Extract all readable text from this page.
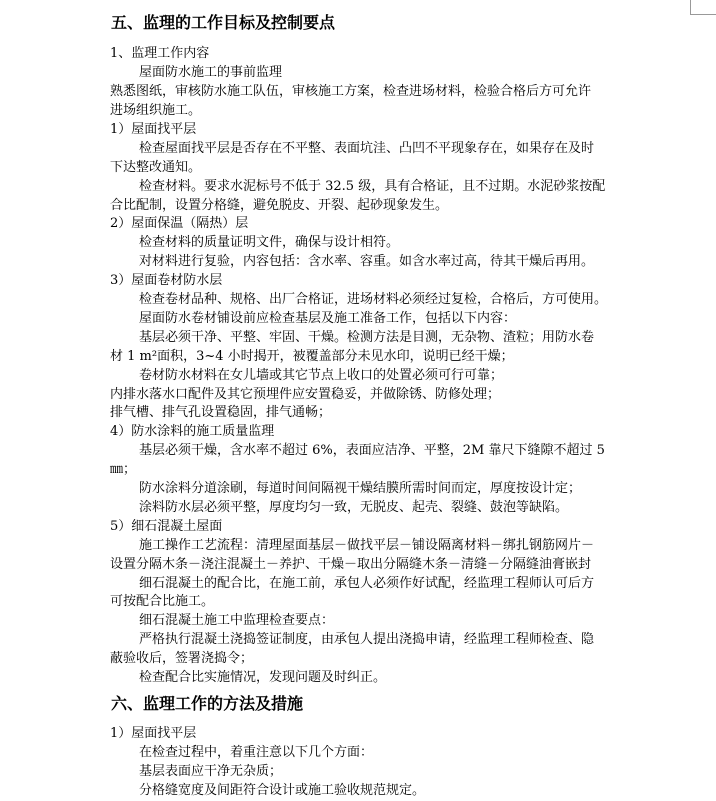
五、监理的工作目标及控制要点
1、监理工作内容
屋面防水施工的事前监理
熟悉图纸，审核防水施工队伍，审核施工方案，检查进场材料，检验合格后方可允许
进场组织施工。
1）屋面找平层
检查屋面找平层是否存在不平整、表面坑洼、凸凹不平现象存在，如果存在及时
下达整改通知。
检查材料。要求水泥标号不低于 32.5 级，具有合格证，且不过期。水泥砂浆按配
合比配制，设置分格缝，避免脱皮、开裂、起砂现象发生。
2）屋面保温（隔热）层
检查材料的质量证明文件，确保与设计相符。
对材料进行复验，内容包括：含水率、容重。如含水率过高，待其干燥后再用。
3）屋面卷材防水层
检查卷材品种、规格、出厂合格证，进场材料必须经过复检，合格后，方可使用。
屋面防水卷材铺设前应检查基层及施工准备工作，包括以下内容：
基层必须干净、平整、牢固、干燥。检测方法是目测，无杂物、渣粒；用防水卷
材 1 m²面积，3~4 小时揭开，被覆盖部分未见水印，说明已经干燥；
卷材防水材料在女儿墙或其它节点上收口的处置必须可行可靠；
内排水落水口配件及其它预埋件应安置稳妥，并做除锈、防修处理；
排气槽、排气孔设置稳固，排气通畅；
4）防水涂料的施工质量监理
基层必须干燥，含水率不超过 6%，表面应洁净、平整，2M 靠尺下缝隙不超过 5
㎜；
防水涂料分道涂刷，每道时间间隔视干燥结膜所需时间而定，厚度按设计定；
涂料防水层必须平整，厚度均匀一致，无脱皮、起壳、裂缝、鼓泡等缺陷。
5）细石混凝土屋面
施工操作工艺流程：清理屋面基层－做找平层－铺设隔离材料－绑扎钢筋网片－
设置分隔木条－浇注混凝土－养护、干燥－取出分隔缝木条－清缝－分隔缝油膏嵌封
细石混凝土的配合比，在施工前，承包人必须作好试配，经监理工程师认可后方
可按配合比施工。
细石混凝土施工中监理检查要点：
严格执行混凝土浇捣签证制度，由承包人提出浇捣申请，经监理工程师检查、隐
蔽验收后，签署浇捣令；
检查配合比实施情况，发现问题及时纠正。
六、监理工作的方法及措施
1）屋面找平层
在检查过程中，着重注意以下几个方面：
基层表面应干净无杂质；
分格缝宽度及间距符合设计或施工验收规范规定。
